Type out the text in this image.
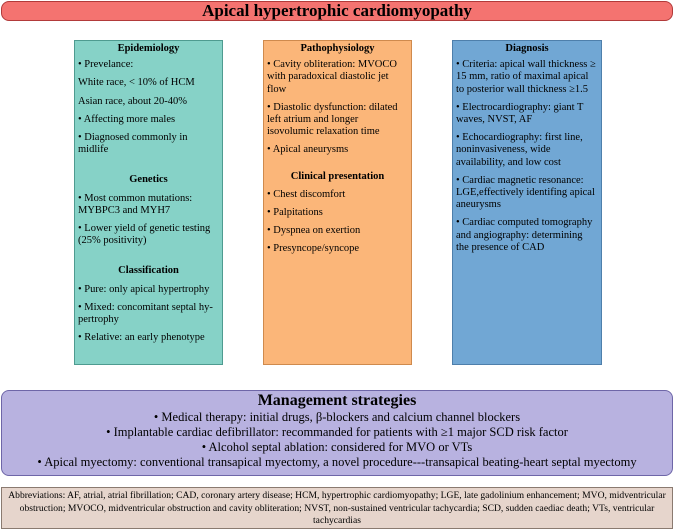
Apical hypertrophic cardiomyopathy
Epidemiology
• Prevelance:
White race, < 10% of HCM
Asian race, about 20-40%
• Affecting more males
• Diagnosed commonly in midlife
Genetics
• Most common mutations: MYBPC3 and MYH7
• Lower yield of genetic testing (25% positivity)
Classification
• Pure: only apical hypertrophy
• Mixed: concomitant septal hy-pertrophy
• Relative: an early phenotype
Pathophysiology
• Cavity obliteration: MVOCO with paradoxical diastolic jet flow
• Diastolic dysfunction: dilated left atrium and longer isovolumic relaxation time
• Apical aneurysms
Clinical presentation
• Chest discomfort
• Palpitations
• Dyspnea on exertion
• Presyncope/syncope
Diagnosis
• Criteria: apical wall thickness ≥ 15 mm, ratio of maximal apical to posterior wall thickness ≥1.5
• Electrocardiography: giant T waves, NVST, AF
• Echocardiography: first line, noninvasiveness, wide availability, and low cost
• Cardiac magnetic resonance: LGE,effectively identifing apical aneurysms
• Cardiac computed tomography and angiography: determining the presence of CAD
Management strategies
• Medical therapy: initial drugs, β-blockers and calcium channel blockers
• Implantable cardiac defibrillator: recommanded for patients with ≥1 major SCD risk factor
• Alcohol septal ablation: considered for MVO or VTs
• Apical myectomy: conventional transapical myectomy, a novel procedure---transapical beating-heart septal myectomy
Abbreviations: AF, atrial, atrial fibrillation; CAD, coronary artery disease; HCM, hypertrophic cardiomyopathy; LGE, late gadolinium enhancement; MVO, midventricular obstruction; MVOCO, midventricular obstruction and cavity obliteration; NVST, non-sustained ventricular tachycardia; SCD, sudden caediac death; VTs, ventricular tachycardias
